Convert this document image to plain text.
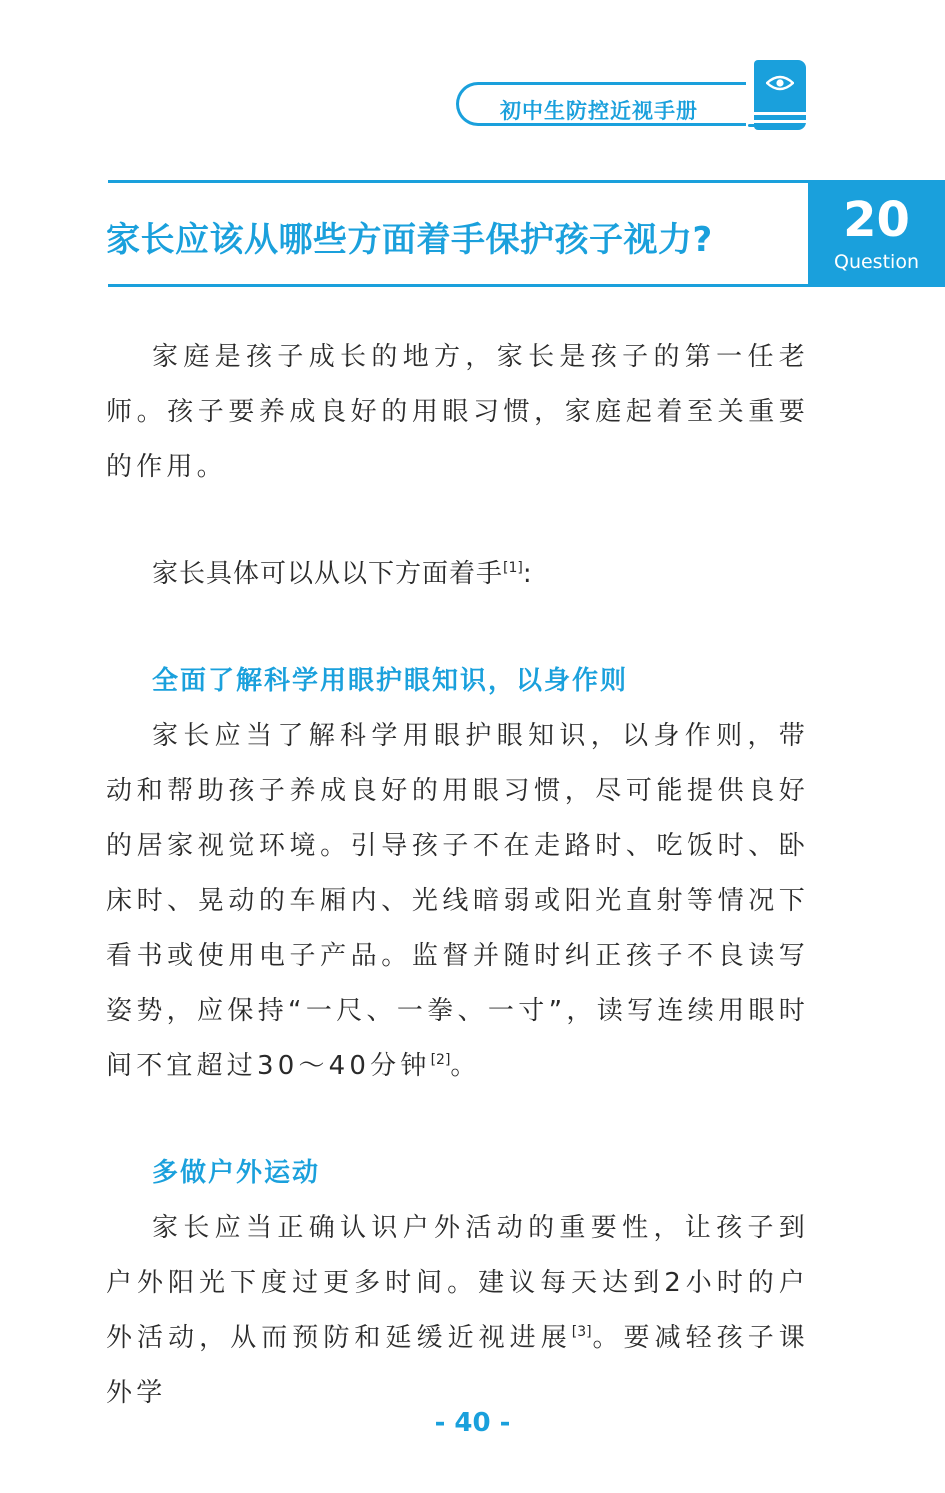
初中生防控近视手册
家长应该从哪些方面着手保护孩子视力?	20
Question

家庭是孩子成长的地方，家长是孩子的第一任老师。孩子要养成良好的用眼习惯，家庭起着至关重要的作用。

家长具体可以从以下方面着手[1]:

全面了解科学用眼护眼知识，以身作则

家长应当了解科学用眼护眼知识，以身作则，带动和帮助孩子养成良好的用眼习惯，尽可能提供良好的居家视觉环境。引导孩子不在走路时、吃饭时、卧床时、晃动的车厢内、光线暗弱或阳光直射等情况下看书或使用电子产品。监督并随时纠正孩子不良读写姿势，应保持“一尺、一拳、一寸”，读写连续用眼时间不宜超过30～40分钟[2]。

多做户外运动

家长应当正确认识户外活动的重要性，让孩子到户外阳光下度过更多时间。建议每天达到2小时的户外活动，从而预防和延缓近视进展[3]。要减轻孩子课外学

- 40 -
